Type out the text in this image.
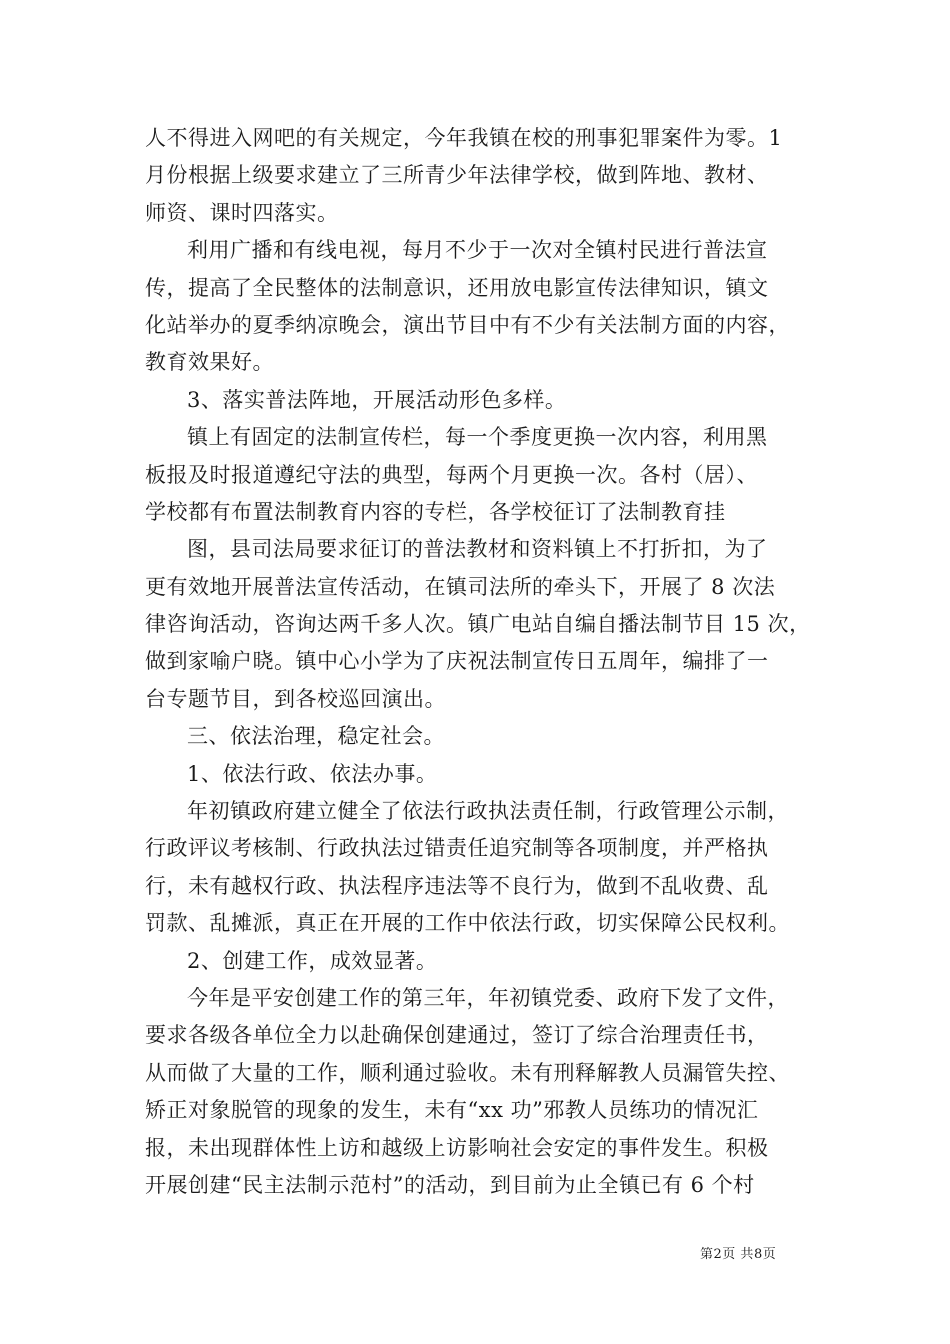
人不得进入网吧的有关规定，今年我镇在校的刑事犯罪案件为零。1
月份根据上级要求建立了三所青少年法律学校，做到阵地、教材、
师资、课时四落实。
利用广播和有线电视，每月不少于一次对全镇村民进行普法宣
传，提高了全民整体的法制意识，还用放电影宣传法律知识，镇文
化站举办的夏季纳凉晚会，演出节目中有不少有关法制方面的内容，
教育效果好。
3、落实普法阵地，开展活动形色多样。
镇上有固定的法制宣传栏，每一个季度更换一次内容，利用黑
板报及时报道遵纪守法的典型，每两个月更换一次。各村（居）、
学校都有布置法制教育内容的专栏，各学校征订了法制教育挂
图，县司法局要求征订的普法教材和资料镇上不打折扣，为了
更有效地开展普法宣传活动，在镇司法所的牵头下，开展了 8 次法
律咨询活动，咨询达两千多人次。镇广电站自编自播法制节目 15 次，
做到家喻户晓。镇中心小学为了庆祝法制宣传日五周年，编排了一
台专题节目，到各校巡回演出。
三、依法治理，稳定社会。
1、依法行政、依法办事。
年初镇政府建立健全了依法行政执法责任制，行政管理公示制，
行政评议考核制、行政执法过错责任追究制等各项制度，并严格执
行，未有越权行政、执法程序违法等不良行为，做到不乱收费、乱
罚款、乱摊派，真正在开展的工作中依法行政，切实保障公民权利。
2、创建工作，成效显著。
今年是平安创建工作的第三年，年初镇党委、政府下发了文件，
要求各级各单位全力以赴确保创建通过，签订了综合治理责任书，
从而做了大量的工作，顺利通过验收。未有刑释解教人员漏管失控、
矫正对象脱管的现象的发生，未有“xx 功”邪教人员练功的情况汇
报，未出现群体性上访和越级上访影响社会安定的事件发生。积极
开展创建“民主法制示范村”的活动，到目前为止全镇已有 6 个村
第2页 共8页
